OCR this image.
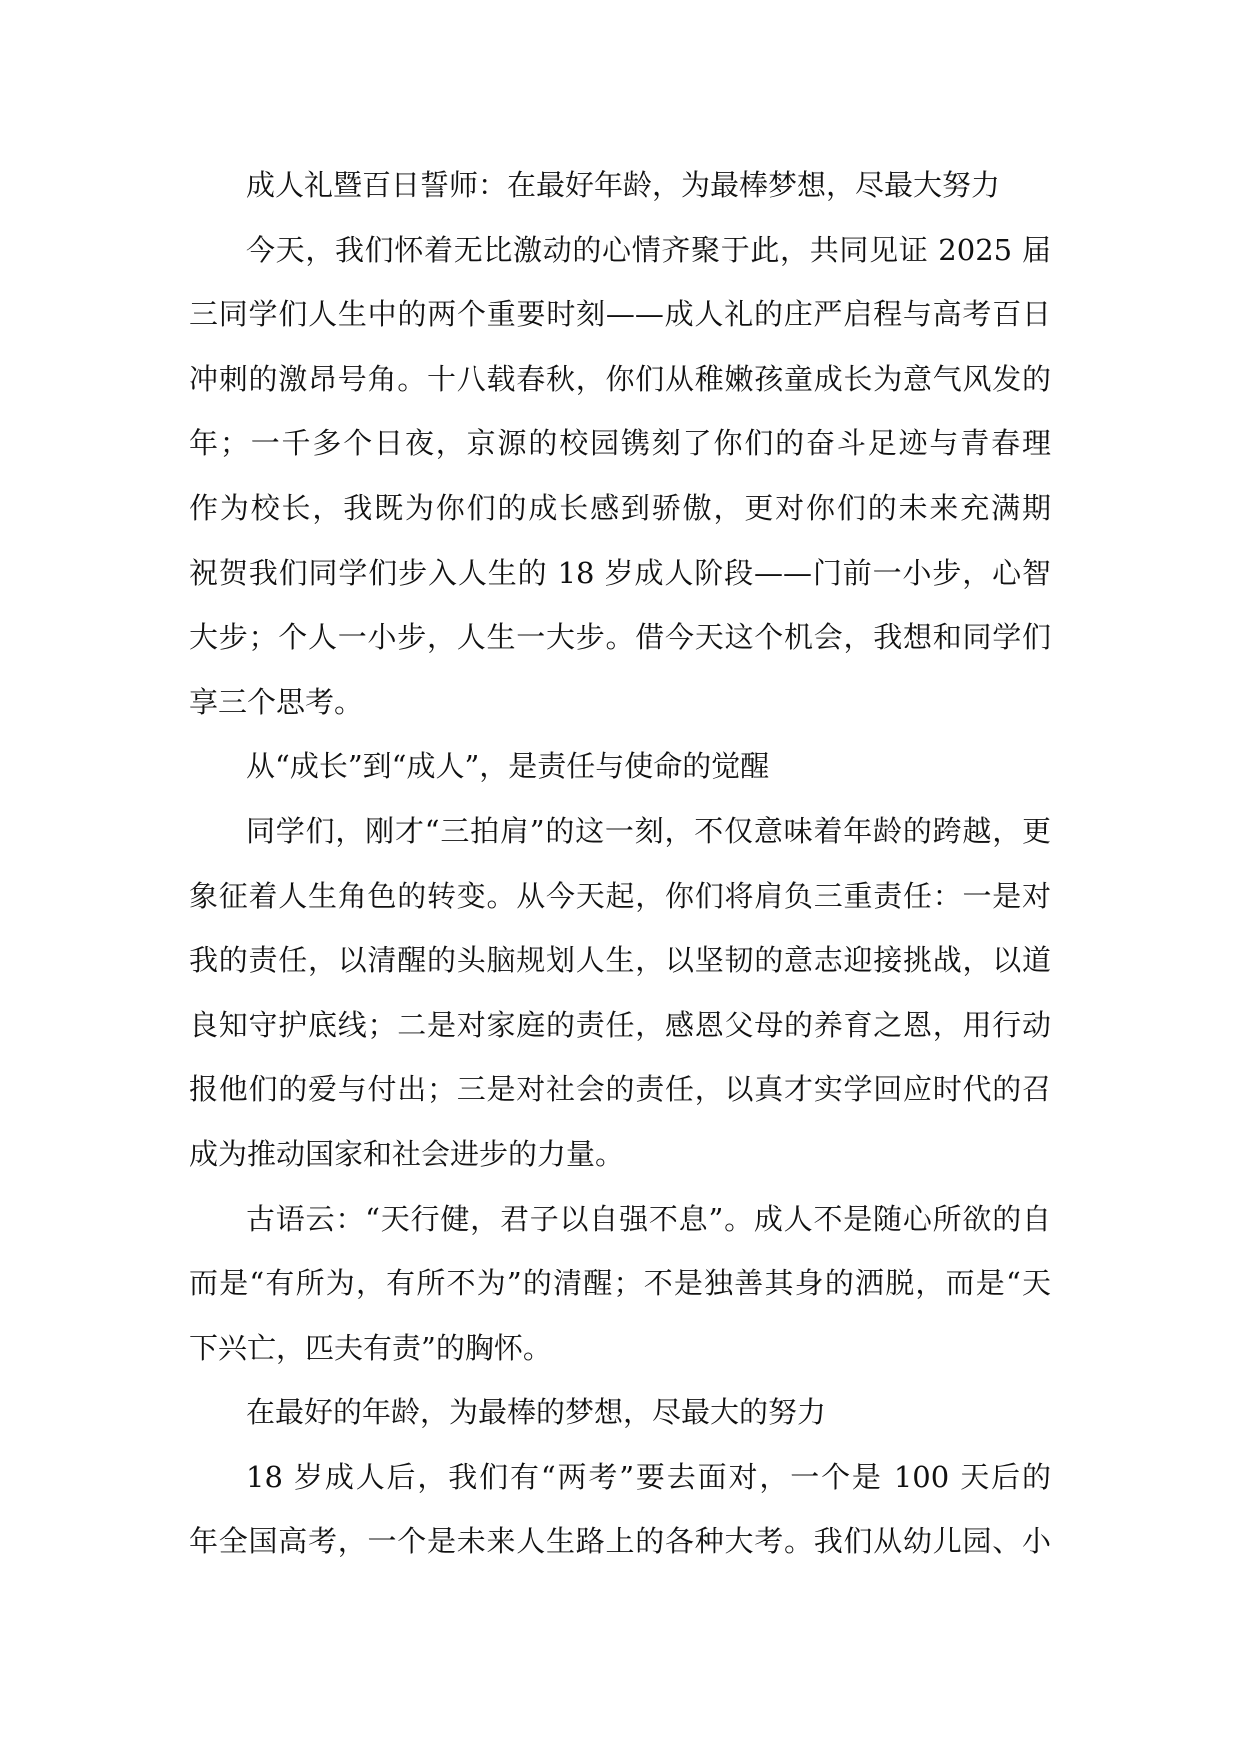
成人礼暨百日誓师：在最好年龄，为最棒梦想，尽最大努力
今天，我们怀着无比激动的心情齐聚于此，共同见证 2025 届
三同学们人生中的两个重要时刻——成人礼的庄严启程与高考百日
冲刺的激昂号角。十八载春秋，你们从稚嫩孩童成长为意气风发的
年；一千多个日夜，京源的校园镌刻了你们的奋斗足迹与青春理
作为校长，我既为你们的成长感到骄傲，更对你们的未来充满期
祝贺我们同学们步入人生的 18 岁成人阶段——门前一小步，心智
大步；个人一小步，人生一大步。借今天这个机会，我想和同学们
享三个思考。
从“成长”到“成人”，是责任与使命的觉醒
同学们，刚才“三拍肩”的这一刻，不仅意味着年龄的跨越，更
象征着人生角色的转变。从今天起，你们将肩负三重责任：一是对
我的责任，以清醒的头脑规划人生，以坚韧的意志迎接挑战，以道
良知守护底线；二是对家庭的责任，感恩父母的养育之恩，用行动
报他们的爱与付出；三是对社会的责任，以真才实学回应时代的召
成为推动国家和社会进步的力量。
古语云：“天行健，君子以自强不息”。成人不是随心所欲的自
而是“有所为，有所不为”的清醒；不是独善其身的洒脱，而是“天
下兴亡，匹夫有责”的胸怀。
在最好的年龄，为最棒的梦想，尽最大的努力
18 岁成人后，我们有“两考”要去面对，一个是 100 天后的
年全国高考，一个是未来人生路上的各种大考。我们从幼儿园、小
